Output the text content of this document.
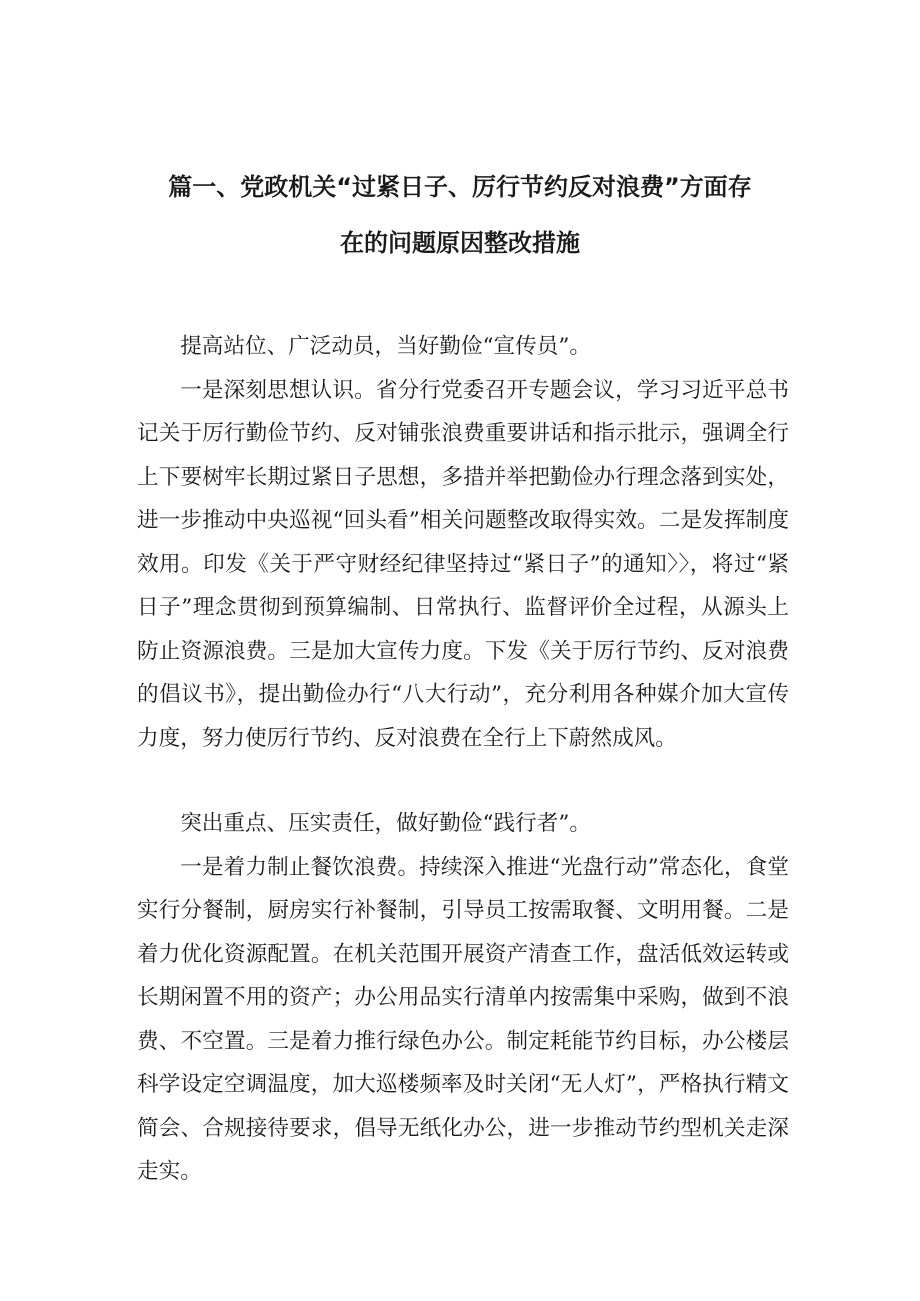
篇一、党政机关“过紧日子、厉行节约反对浪费”方面存
在的问题原因整改措施

提高站位、广泛动员，当好勤俭“宣传员”。

一是深刻思想认识。省分行党委召开专题会议，学习习近平总书记关于厉行勤俭节约、反对铺张浪费重要讲话和指示批示，强调全行上下要树牢长期过紧日子思想，多措并举把勤俭办行理念落到实处，进一步推动中央巡视“回头看”相关问题整改取得实效。二是发挥制度效用。印发《关于严守财经纪律坚持过“紧日子”的通知〉〉，将过“紧日子”理念贯彻到预算编制、日常执行、监督评价全过程，从源头上防止资源浪费。三是加大宣传力度。下发《关于厉行节约、反对浪费的倡议书》，提出勤俭办行“八大行动”，充分利用各种媒介加大宣传力度，努力使厉行节约、反对浪费在全行上下蔚然成风。

突出重点、压实责任，做好勤俭“践行者”。

一是着力制止餐饮浪费。持续深入推进“光盘行动”常态化，食堂实行分餐制，厨房实行补餐制，引导员工按需取餐、文明用餐。二是着力优化资源配置。在机关范围开展资产清查工作，盘活低效运转或长期闲置不用的资产；办公用品实行清单内按需集中采购，做到不浪费、不空置。三是着力推行绿色办公。制定耗能节约目标，办公楼层科学设定空调温度，加大巡楼频率及时关闭“无人灯”，严格执行精文简会、合规接待要求，倡导无纸化办公，进一步推动节约型机关走深走实。
